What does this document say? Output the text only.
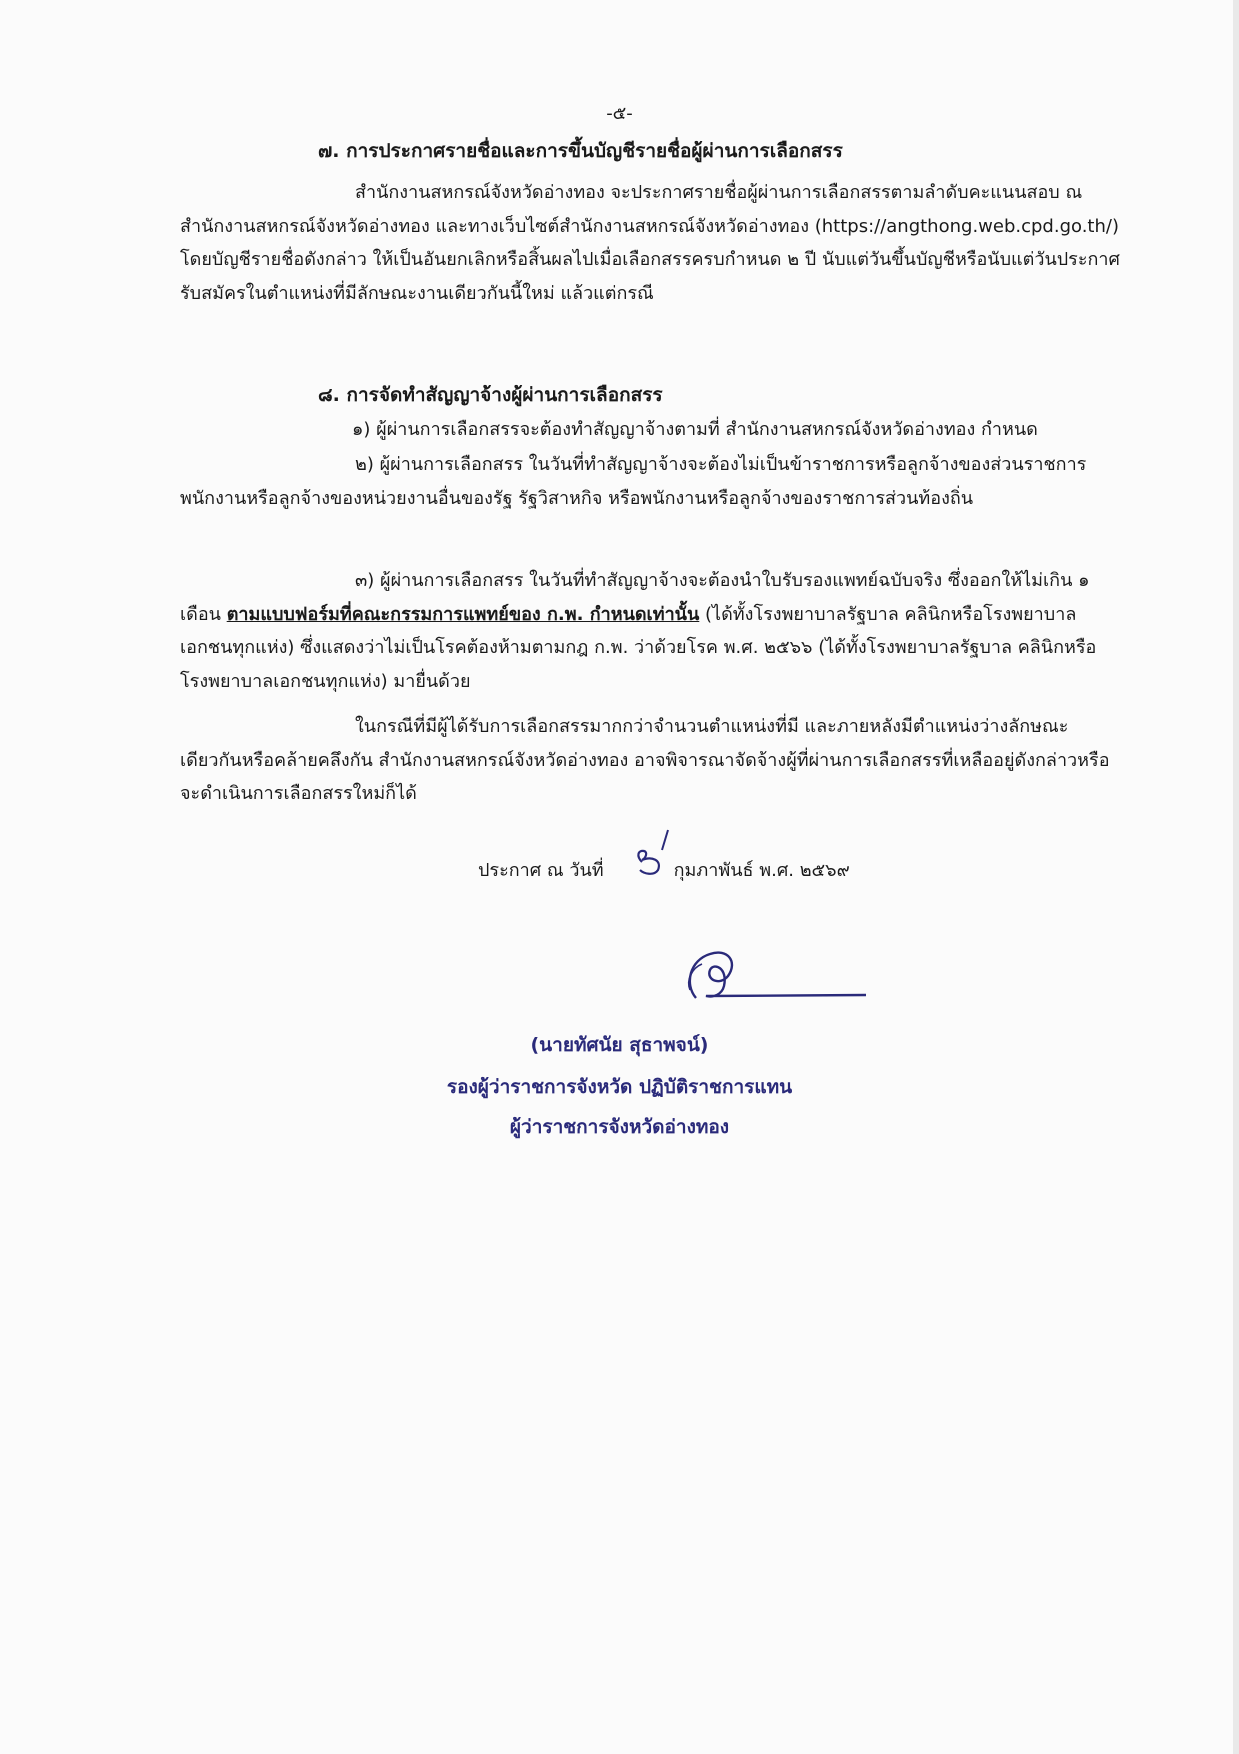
-๕-
๗. การประกาศรายชื่อและการขึ้นบัญชีรายชื่อผู้ผ่านการเลือกสรร

สำนักงานสหกรณ์จังหวัดอ่างทอง จะประกาศรายชื่อผู้ผ่านการเลือกสรรตามลำดับคะแนนสอบ ณ สำนักงานสหกรณ์จังหวัดอ่างทอง และทางเว็บไซต์สำนักงานสหกรณ์จังหวัดอ่างทอง (https://angthong.web.cpd.go.th/) โดยบัญชีรายชื่อดังกล่าว ให้เป็นอันยกเลิกหรือสิ้นผลไปเมื่อเลือกสรรครบกำหนด ๒ ปี นับแต่วันขึ้นบัญชีหรือนับแต่วันประกาศรับสมัครในตำแหน่งที่มีลักษณะงานเดียวกันนี้ใหม่ แล้วแต่กรณี

๘. การจัดทำสัญญาจ้างผู้ผ่านการเลือกสรร
๑) ผู้ผ่านการเลือกสรรจะต้องทำสัญญาจ้างตามที่ สำนักงานสหกรณ์จังหวัดอ่างทอง กำหนด

๒) ผู้ผ่านการเลือกสรร ในวันที่ทำสัญญาจ้างจะต้องไม่เป็นข้าราชการหรือลูกจ้างของส่วนราชการ พนักงานหรือลูกจ้างของหน่วยงานอื่นของรัฐ รัฐวิสาหกิจ หรือพนักงานหรือลูกจ้างของราชการส่วนท้องถิ่น

๓) ผู้ผ่านการเลือกสรร ในวันที่ทำสัญญาจ้างจะต้องนำใบรับรองแพทย์ฉบับจริง ซึ่งออกให้ไม่เกิน ๑ เดือน ตามแบบฟอร์มที่คณะกรรมการแพทย์ของ ก.พ. กำหนดเท่านั้น (ได้ทั้งโรงพยาบาลรัฐบาล คลินิกหรือโรงพยาบาลเอกชนทุกแห่ง) ซึ่งแสดงว่าไม่เป็นโรคต้องห้ามตามกฎ ก.พ. ว่าด้วยโรค พ.ศ. ๒๕๖๖ (ได้ทั้งโรงพยาบาลรัฐบาล คลินิกหรือโรงพยาบาลเอกชนทุกแห่ง) มายื่นด้วย

ในกรณีที่มีผู้ได้รับการเลือกสรรมากกว่าจำนวนตำแหน่งที่มี และภายหลังมีตำแหน่งว่างลักษณะเดียวกันหรือคล้ายคลึงกัน สำนักงานสหกรณ์จังหวัดอ่างทอง อาจพิจารณาจัดจ้างผู้ที่ผ่านการเลือกสรรที่เหลืออยู่ดังกล่าวหรือจะดำเนินการเลือกสรรใหม่ก็ได้

ประกาศ ณ วันที่	กุมภาพันธ์ พ.ศ. ๒๕๖๙
(นายทัศนัย สุธาพจน์)
รองผู้ว่าราชการจังหวัด ปฏิบัติราชการแทน
ผู้ว่าราชการจังหวัดอ่างทอง
